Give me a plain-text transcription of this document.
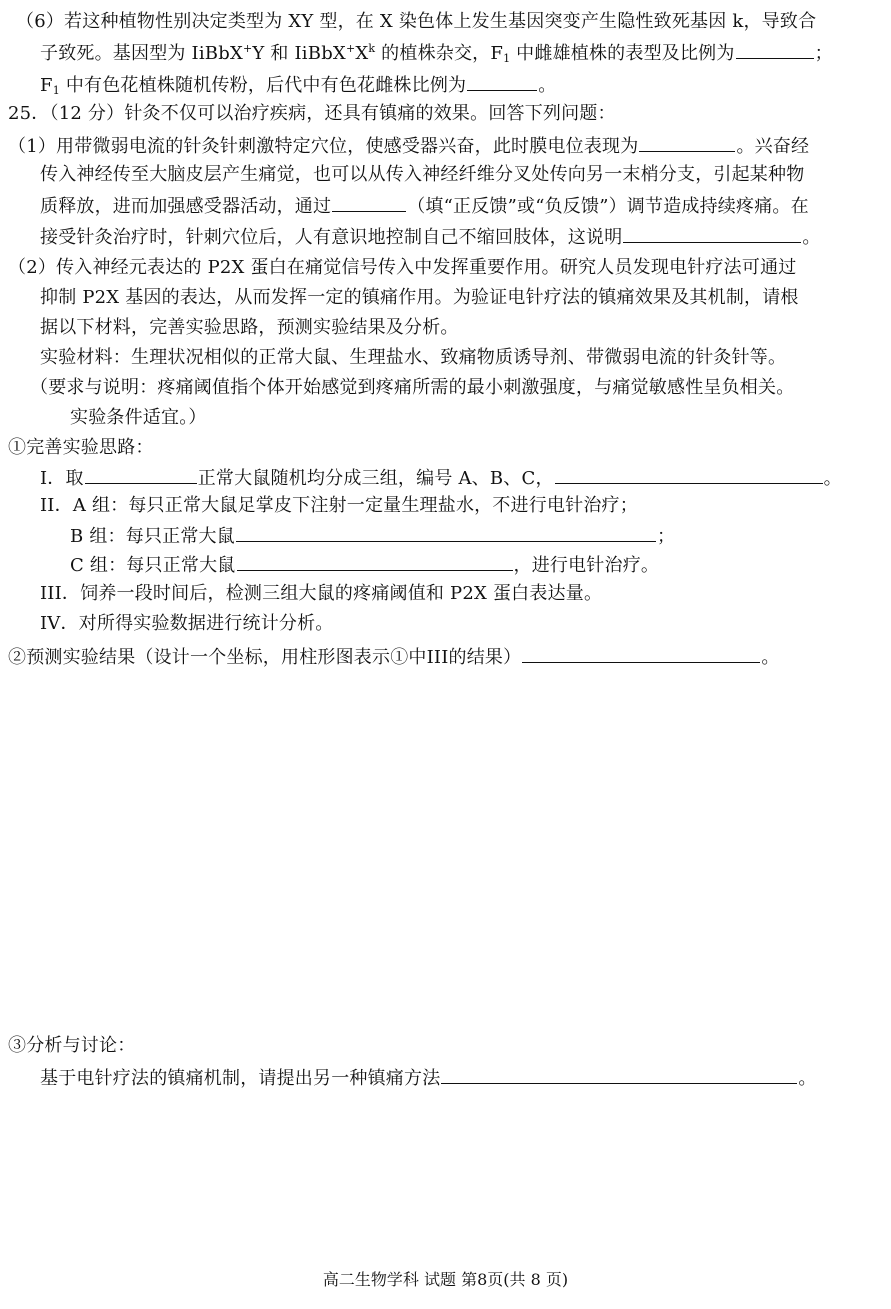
（6）若这种植物性别决定类型为 XY 型，在 X 染色体上发生基因突变产生隐性致死基因 k，导致合
子致死。基因型为 IiBbX+Y 和 $IiBbX^+X^k$ 的植株杂交，$F_1$ 中雌雄植株的表型及比例为	；
$F_1$ 中有色花植株随机传粉，后代中有色花雌株比例为	。
25．（12 分）针灸不仅可以治疗疾病，还具有镇痛的效果。回答下列问题：
（1）用带微弱电流的针灸针刺激特定穴位，使感受器兴奋，此时膜电位表现为	。兴奋经
传入神经传至大脑皮层产生痛觉，也可以从传入神经纤维分叉处传向另一末梢分支，引起某种物
质释放，进而加强感受器活动，通过	（填“正反馈”或“负反馈”）调节造成持续疼痛。在
接受针灸治疗时，针刺穴位后，人有意识地控制自己不缩回肢体，这说明	。
（2）传入神经元表达的 P2X 蛋白在痛觉信号传入中发挥重要作用。研究人员发现电针疗法可通过
抑制 P2X 基因的表达，从而发挥一定的镇痛作用。为验证电针疗法的镇痛效果及其机制，请根
据以下材料，完善实验思路，预测实验结果及分析。
实验材料：生理状况相似的正常大鼠、生理盐水、致痛物质诱导剂、带微弱电流的针灸针等。
（要求与说明：疼痛阈值指个体开始感觉到疼痛所需的最小刺激强度，与痛觉敏感性呈负相关。
实验条件适宜。）
①完善实验思路：
I．取	正常大鼠随机均分成三组，编号 A、B、C，	。
II．A 组：每只正常大鼠足掌皮下注射一定量生理盐水，不进行电针治疗；
B 组：每只正常大鼠	；
C 组：每只正常大鼠	，进行电针治疗。
III．饲养一段时间后，检测三组大鼠的疼痛阈值和 P2X 蛋白表达量。
IV．对所得实验数据进行统计分析。
②预测实验结果（设计一个坐标，用柱形图表示①中III的结果）	。
③分析与讨论：
基于电针疗法的镇痛机制，请提出另一种镇痛方法	。
高二生物学科 试题 第8页(共 8 页)
